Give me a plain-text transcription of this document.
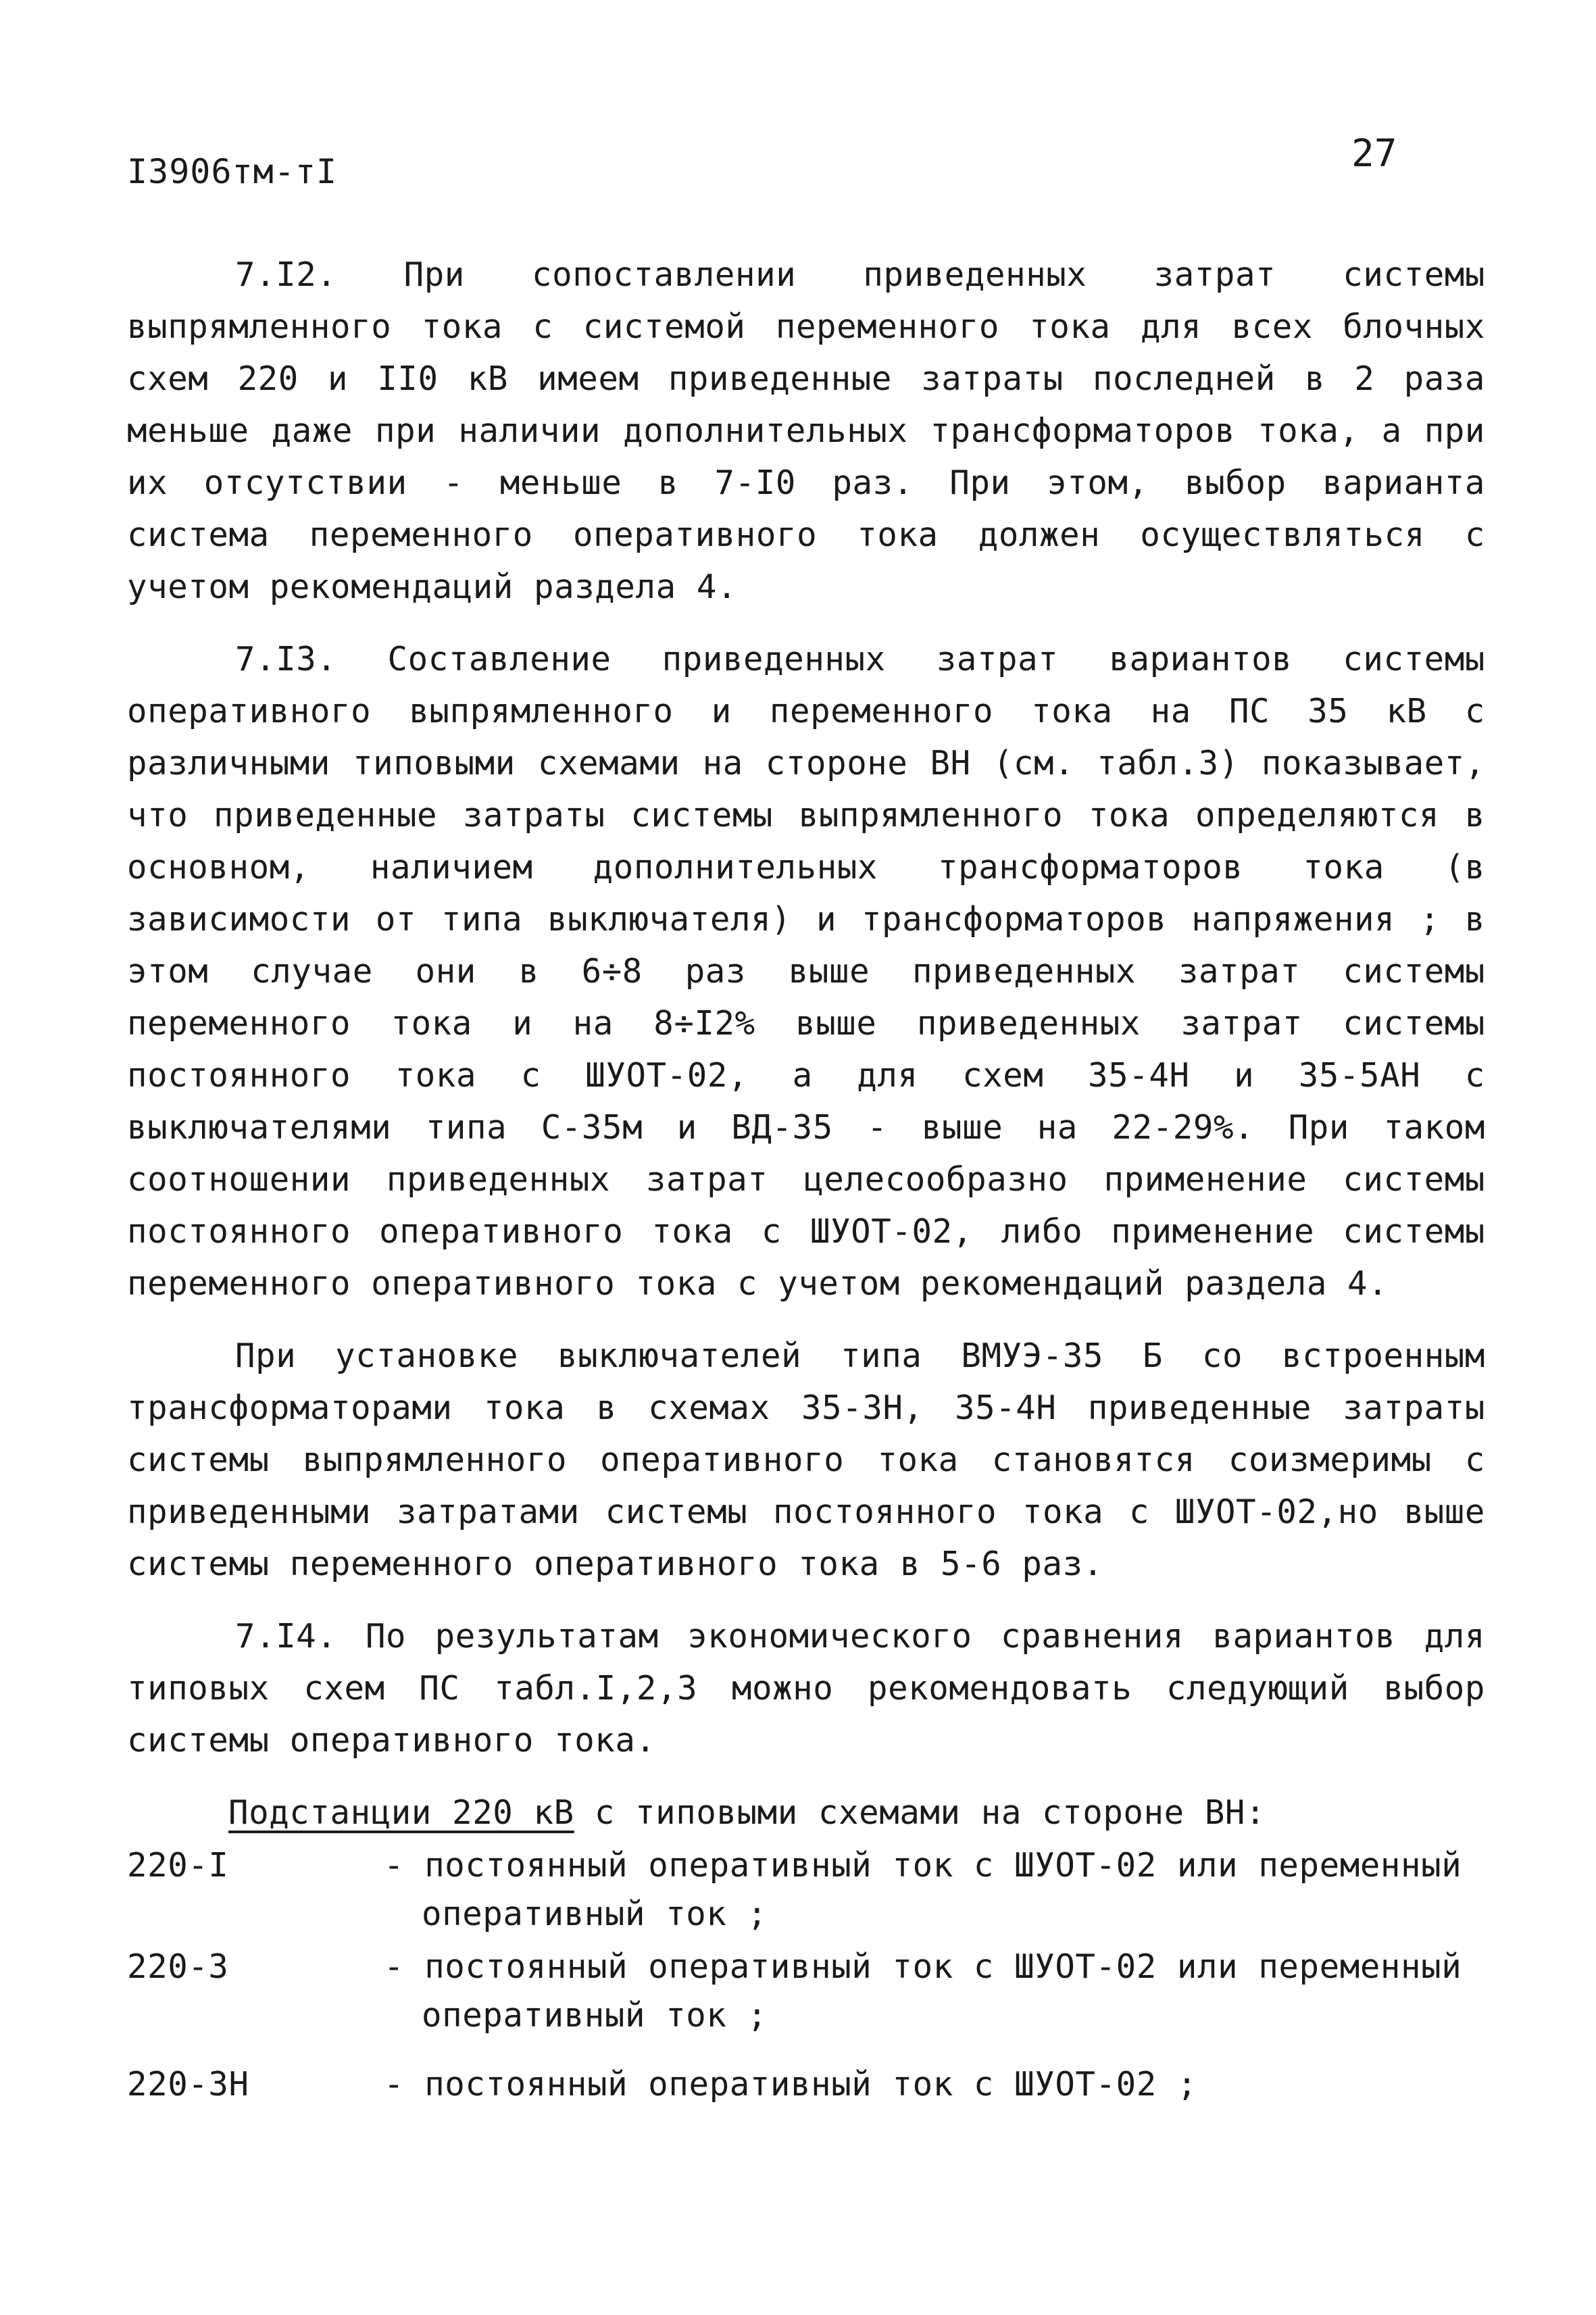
I3906тм-тI	27

7.I2. При сопоставлении приведенных затрат системы выпрямленного тока с системой переменного тока для всех блочных схем 220 и II0 кВ имеем приведенные затраты последней в 2 раза меньше даже при наличии дополнительных трансформаторов тока, а при их отсутствии - меньше в 7-I0 раз. При этом, выбор варианта система переменного оперативного тока должен осуществляться с учетом рекомендаций раздела 4.

7.I3. Составление приведенных затрат вариантов системы оперативного выпрямленного и переменного тока на ПС 35 кВ с различными типовыми схемами на стороне ВН (см. табл.3) показывает, что приведенные затраты системы выпрямленного тока определяются в основном, наличием дополнительных трансформаторов тока (в зависимости от типа выключателя) и трансформаторов напряжения ; в этом случае они в 6÷8 раз выше приведенных затрат системы переменного тока и на 8÷I2% выше приведенных затрат системы постоянного тока с ШУОТ-02, а для схем 35-4Н и 35-5АН с выключателями типа С-35м и ВД-35 - выше на 22-29%. При таком соотношении приведенных затрат целесообразно применение системы постоянного оперативного тока с ШУОТ-02, либо применение системы переменного оперативного тока с учетом рекомендаций раздела 4.

При установке выключателей типа ВМУЭ-35 Б со встроенным трансформаторами тока в схемах 35-3Н, 35-4Н приведенные затраты системы выпрямленного оперативного тока становятся соизмеримы с приведенными затратами системы постоянного тока с ШУОТ-02,но выше системы переменного оперативного тока в 5-6 раз.

7.I4. По результатам экономического сравнения вариантов для типовых схем ПС табл.I,2,3 можно рекомендовать следующий выбор системы оперативного тока.

Подстанции 220 кВ с типовыми схемами на стороне ВН:

220-I	- постоянный оперативный ток с ШУОТ-02 или переменный оперативный ток ;
220-3	- постоянный оперативный ток с ШУОТ-02 или переменный оперативный ток ;
220-3Н	- постоянный оперативный ток с ШУОТ-02 ;
